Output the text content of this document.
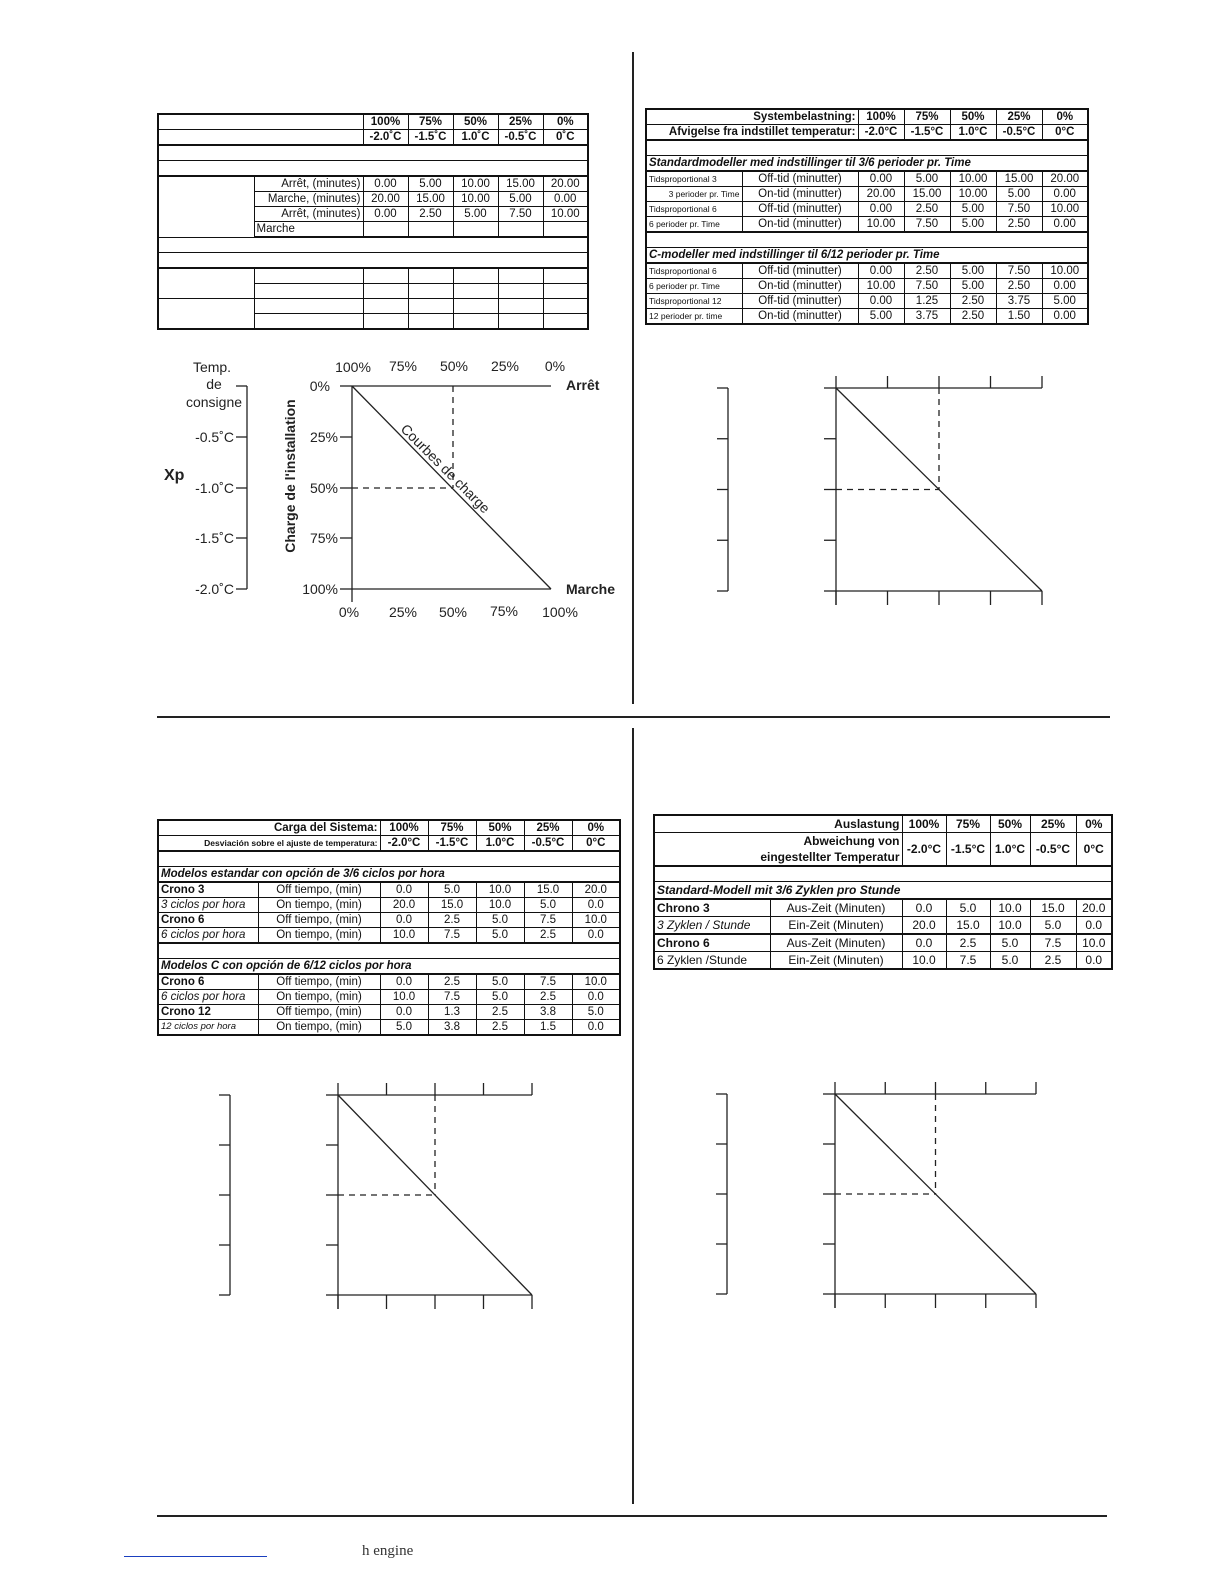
		100%	75%	50%	25%	0%
		-2.0˚C	-1.5˚C	1.0˚C	-0.5˚C	0˚C

	Arrêt, (minutes)	0.00	5.00	10.00	15.00	20.00
	Marche, (minutes)	20.00	15.00	10.00	5.00	0.00
	Arrêt, (minutes)	0.00	2.50	5.00	7.50	10.00
	Marche					

Systembelastning:		100%	75%	50%	25%	0%
Afvigelse fra indstillet temperatur:		-2.0°C	-1.5°C	1.0°C	-0.5°C	0°C

Standardmodeller med indstillinger til 3/6 perioder pr. Time						
Tidsproportional 3	Off-tid (minutter)	0.00	5.00	10.00	15.00	20.00
3 perioder pr. Time	On-tid (minutter)	20.00	15.00	10.00	5.00	0.00
Tidsproportional 6	Off-tid (minutter)	0.00	2.50	5.00	7.50	10.00
6 perioder pr. Time	On-tid (minutter)	10.00	7.50	5.00	2.50	0.00

C-modeller med indstillinger til 6/12 perioder pr. Time						
Tidsproportional 6	Off-tid (minutter)	0.00	2.50	5.00	7.50	10.00
6 perioder pr. Time	On-tid (minutter)	10.00	7.50	5.00	2.50	0.00
Tidsproportional 12	Off-tid (minutter)	0.00	1.25	2.50	3.75	5.00
12 perioder pr. time	On-tid (minutter)	5.00	3.75	2.50	1.50	0.00
Carga del Sistema:		100%	75%	50%	25%	0%
Desviación sobre el ajuste de temperatura:		-2.0°C	-1.5°C	1.0°C	-0.5°C	0°C

Modelos estandar con opción de 3/6 ciclos por hora						
Crono 3	Off tiempo, (min)	0.0	5.0	10.0	15.0	20.0
3 ciclos por hora	On tiempo, (min)	20.0	15.0	10.0	5.0	0.0
Crono 6	Off tiempo, (min)	0.0	2.5	5.0	7.5	10.0
6 ciclos por hora	On tiempo, (min)	10.0	7.5	5.0	2.5	0.0

Modelos C con opción de 6/12 ciclos por hora						
Crono 6	Off tiempo, (min)	0.0	2.5	5.0	7.5	10.0
6 ciclos por hora	On tiempo, (min)	10.0	7.5	5.0	2.5	0.0
Crono 12	Off tiempo, (min)	0.0	1.3	2.5	3.8	5.0
12 ciclos por hora	On tiempo, (min)	5.0	3.8	2.5	1.5	0.0
Auslastung		100%	75%	50%	25%	0%

Abweichung von
eingestellter Temperatur		-2.0°C	-1.5°C	1.0°C	-0.5°C	0°C

Standard-Modell mit 3/6 Zyklen pro Stunde						
Chrono 3	Aus-Zeit (Minuten)	0.0	5.0	10.0	15.0	20.0
3 Zyklen / Stunde	Ein-Zeit (Minuten)	20.0	15.0	10.0	5.0	0.0
Chrono 6	Aus-Zeit (Minuten)	0.0	2.5	5.0	7.5	10.0
6 Zyklen /Stunde	Ein-Zeit (Minuten)	10.0	7.5	5.0	2.5	0.0
Temp.
de
consigne
Xp
-0.5˚C
-1.0˚C
-1.5˚C
-2.0˚C
Charge de l'installation
0%
25%
50%
75%
100%
100% 75% 50% 25% 0%
0% 25% 50% 75% 100%
Arrêt
Marche
Courbes de charge
h engine
